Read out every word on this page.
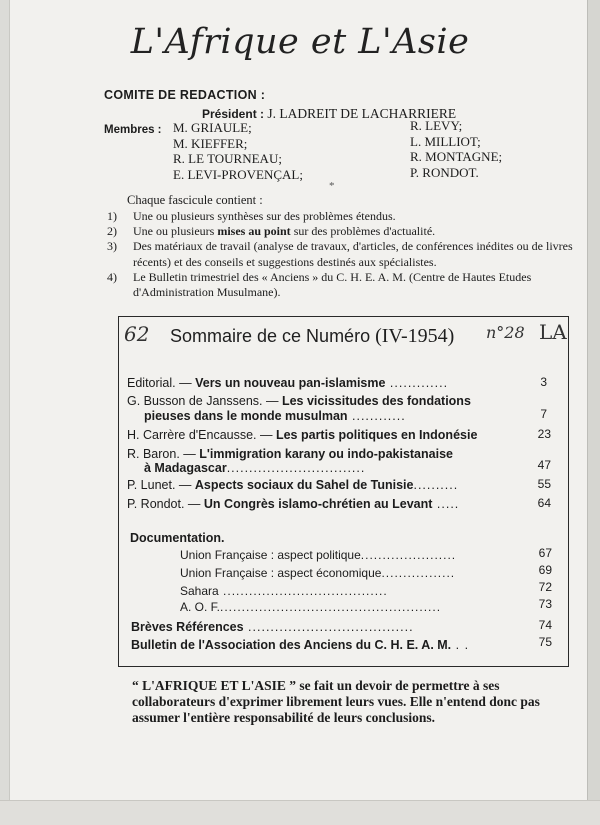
L'Afrique et L'Asie
COMITE DE REDACTION :
Président : J. LADREIT DE LACHARRIERE
Membres : M. GRIAULE;
M. KIEFFER;
R. LE TOURNEAU;
E. LEVI-PROVENÇAL;
R. LEVY;
L. MILLIOT;
R. MONTAGNE;
P. RONDOT.
*
Chaque fascicule contient :
1) Une ou plusieurs synthèses sur des problèmes étendus.
2) Une ou plusieurs mises au point sur des problèmes d'actualité.
3) Des matériaux de travail (analyse de travaux, d'articles, de conférences inédites ou de livres récents) et des conseils et suggestions destinés aux spécialistes.
4) Le Bulletin trimestriel des « Anciens » du C. H. E. A. M. (Centre de Hautes Etudes d'Administration Musulmane).
62 Sommaire de ce Numéro (IV-1954) n°28 LA
Editorial. — Vers un nouveau pan-islamisme .............	3
G. Busson de Janssens. — Les vicissitudes des fondations
pieuses dans le monde musulman ............	7
H. Carrère d'Encausse. — Les partis politiques en Indonésie	23
R. Baron. — L'immigration karany ou indo-pakistanaise
à Madagascar...............................	47
P. Lunet. — Aspects sociaux du Sahel de Tunisie..........	55
P. Rondot. — Un Congrès islamo-chrétien au Levant .....	64
Documentation.
Union Française : aspect politique......................	67
Union Française : aspect économique.................	69
Sahara ......................................	72
A. O. F....................................................	73
Brèves Références .....................................	74
Bulletin de l'Association des Anciens du C. H. E. A. M. . .	75
“ L'AFRIQUE ET L'ASIE ” se fait un devoir de permettre à ses collaborateurs d'exprimer librement leurs vues. Elle n'entend donc pas assumer l'entière responsabilité de leurs conclusions.
